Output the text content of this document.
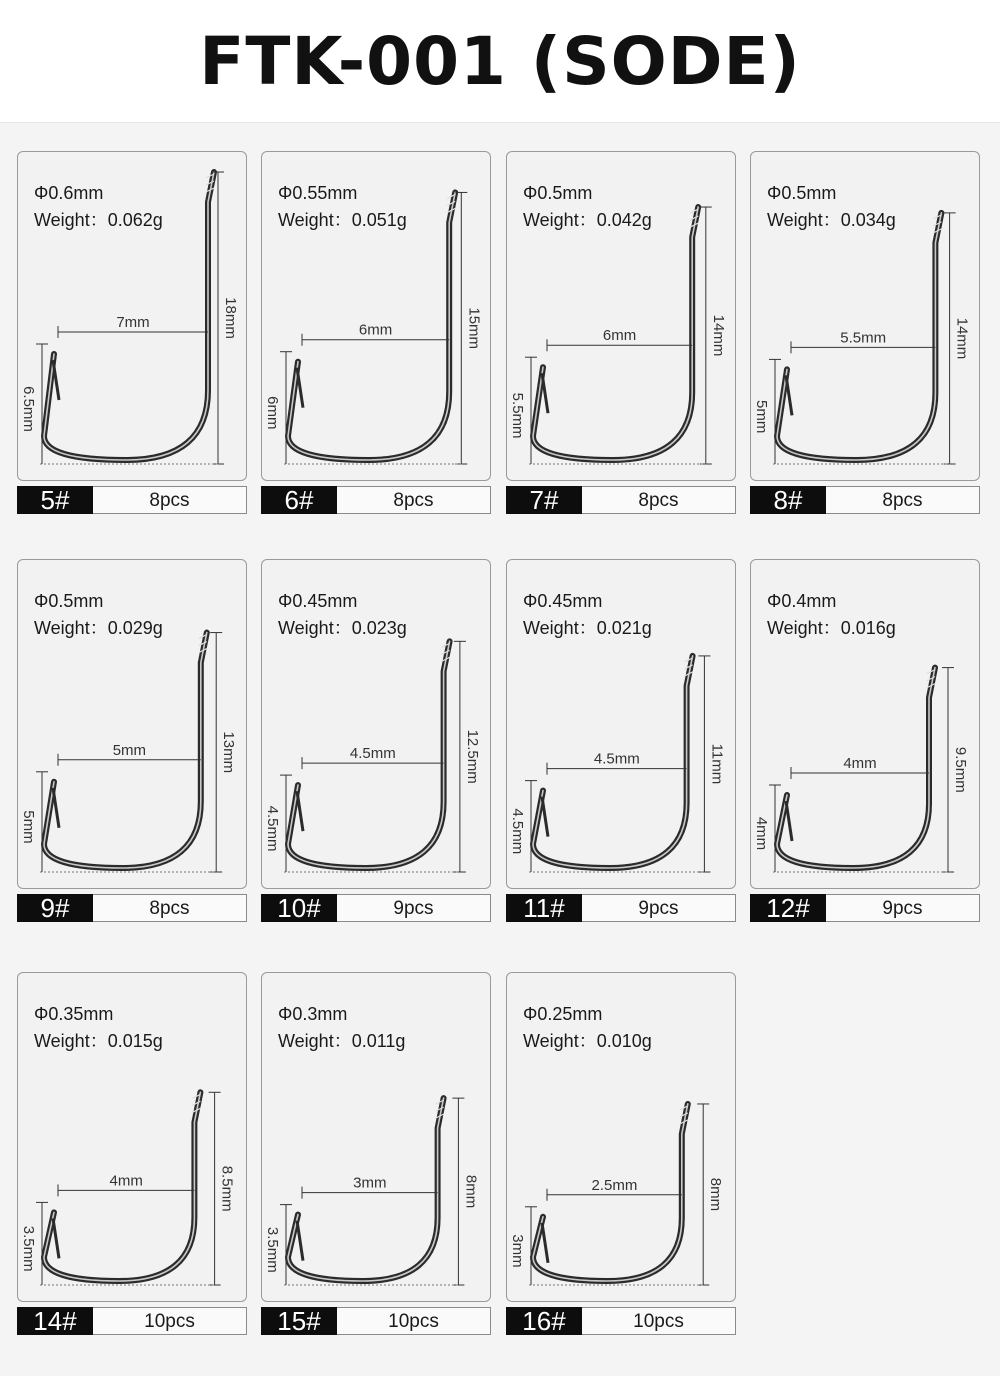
FTK-001 (SODE)
Φ0.6mm
Weight：0.062g
18mm
7mm
6.5mm
5#	8pcs
Φ0.55mm
Weight：0.051g
15mm
6mm
6mm
6#	8pcs
Φ0.5mm
Weight：0.042g
14mm
6mm
5.5mm
7#	8pcs
Φ0.5mm
Weight：0.034g
14mm
5.5mm
5mm
8#	8pcs
Φ0.5mm
Weight：0.029g
13mm
5mm
5mm
9#	8pcs
Φ0.45mm
Weight：0.023g
12.5mm
4.5mm
4.5mm
10#	9pcs
Φ0.45mm
Weight：0.021g
11mm
4.5mm
4.5mm
11#	9pcs
Φ0.4mm
Weight：0.016g
9.5mm
4mm
4mm
12#	9pcs
Φ0.35mm
Weight：0.015g
8.5mm
4mm
3.5mm
14#	10pcs
Φ0.3mm
Weight：0.011g
8mm
3mm
3.5mm
15#	10pcs
Φ0.25mm
Weight：0.010g
8mm
2.5mm
3mm
16#	10pcs
